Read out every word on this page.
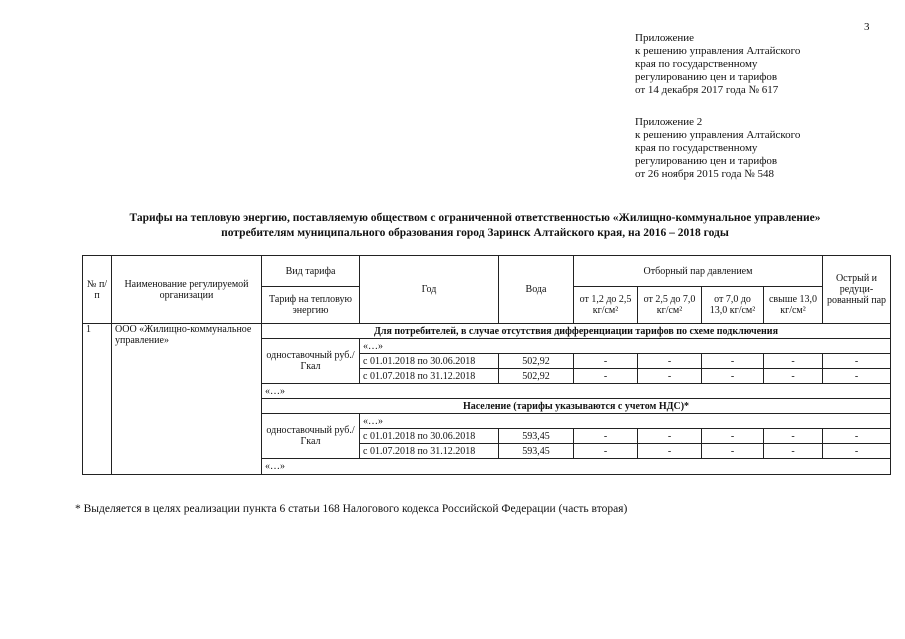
3
Приложение
к решению управления Алтайского
края по государственному
регулированию цен и тарифов
от 14 декабря 2017 года № 617
Приложение 2
к решению управления Алтайского
края по государственному
регулированию цен и тарифов
от 26 ноября 2015 года № 548
Тарифы на тепловую энергию, поставляемую обществом с ограниченной ответственностью «Жилищно-коммунальное управление»
потребителям муниципального образования город Заринск Алтайского края, на 2016 – 2018 годы
№ п/п	Наименование регулируемой организации	Вид тарифа	Год	Вода	Отборный пар давлением				Острый и редуци-рованный пар
		Тариф на тепловую энергию			от 1,2 до 2,5 кг/см²	от 2,5 до 7,0 кг/см²	от 7,0 до 13,0 кг/см²	свыше 13,0 кг/см²	
1	ООО «Жилищно-коммунальное управление»	Для потребителей, в случае отсутствия дифференциации тарифов по схеме подключения							
		одноставочный руб./Гкал	«…»						
			с 01.01.2018 по 30.06.2018	502,92	-	-	-	-	-
			с 01.07.2018 по 31.12.2018	502,92	-	-	-	-	-
		«…»							
		Население (тарифы указываются с учетом НДС)*							
		одноставочный руб./Гкал	«…»						
			с 01.01.2018 по 30.06.2018	593,45	-	-	-	-	-
			с 01.07.2018 по 31.12.2018	593,45	-	-	-	-	-
		«…»							
* Выделяется в целях реализации пункта 6 статьи 168 Налогового кодекса Российской Федерации (часть вторая)
